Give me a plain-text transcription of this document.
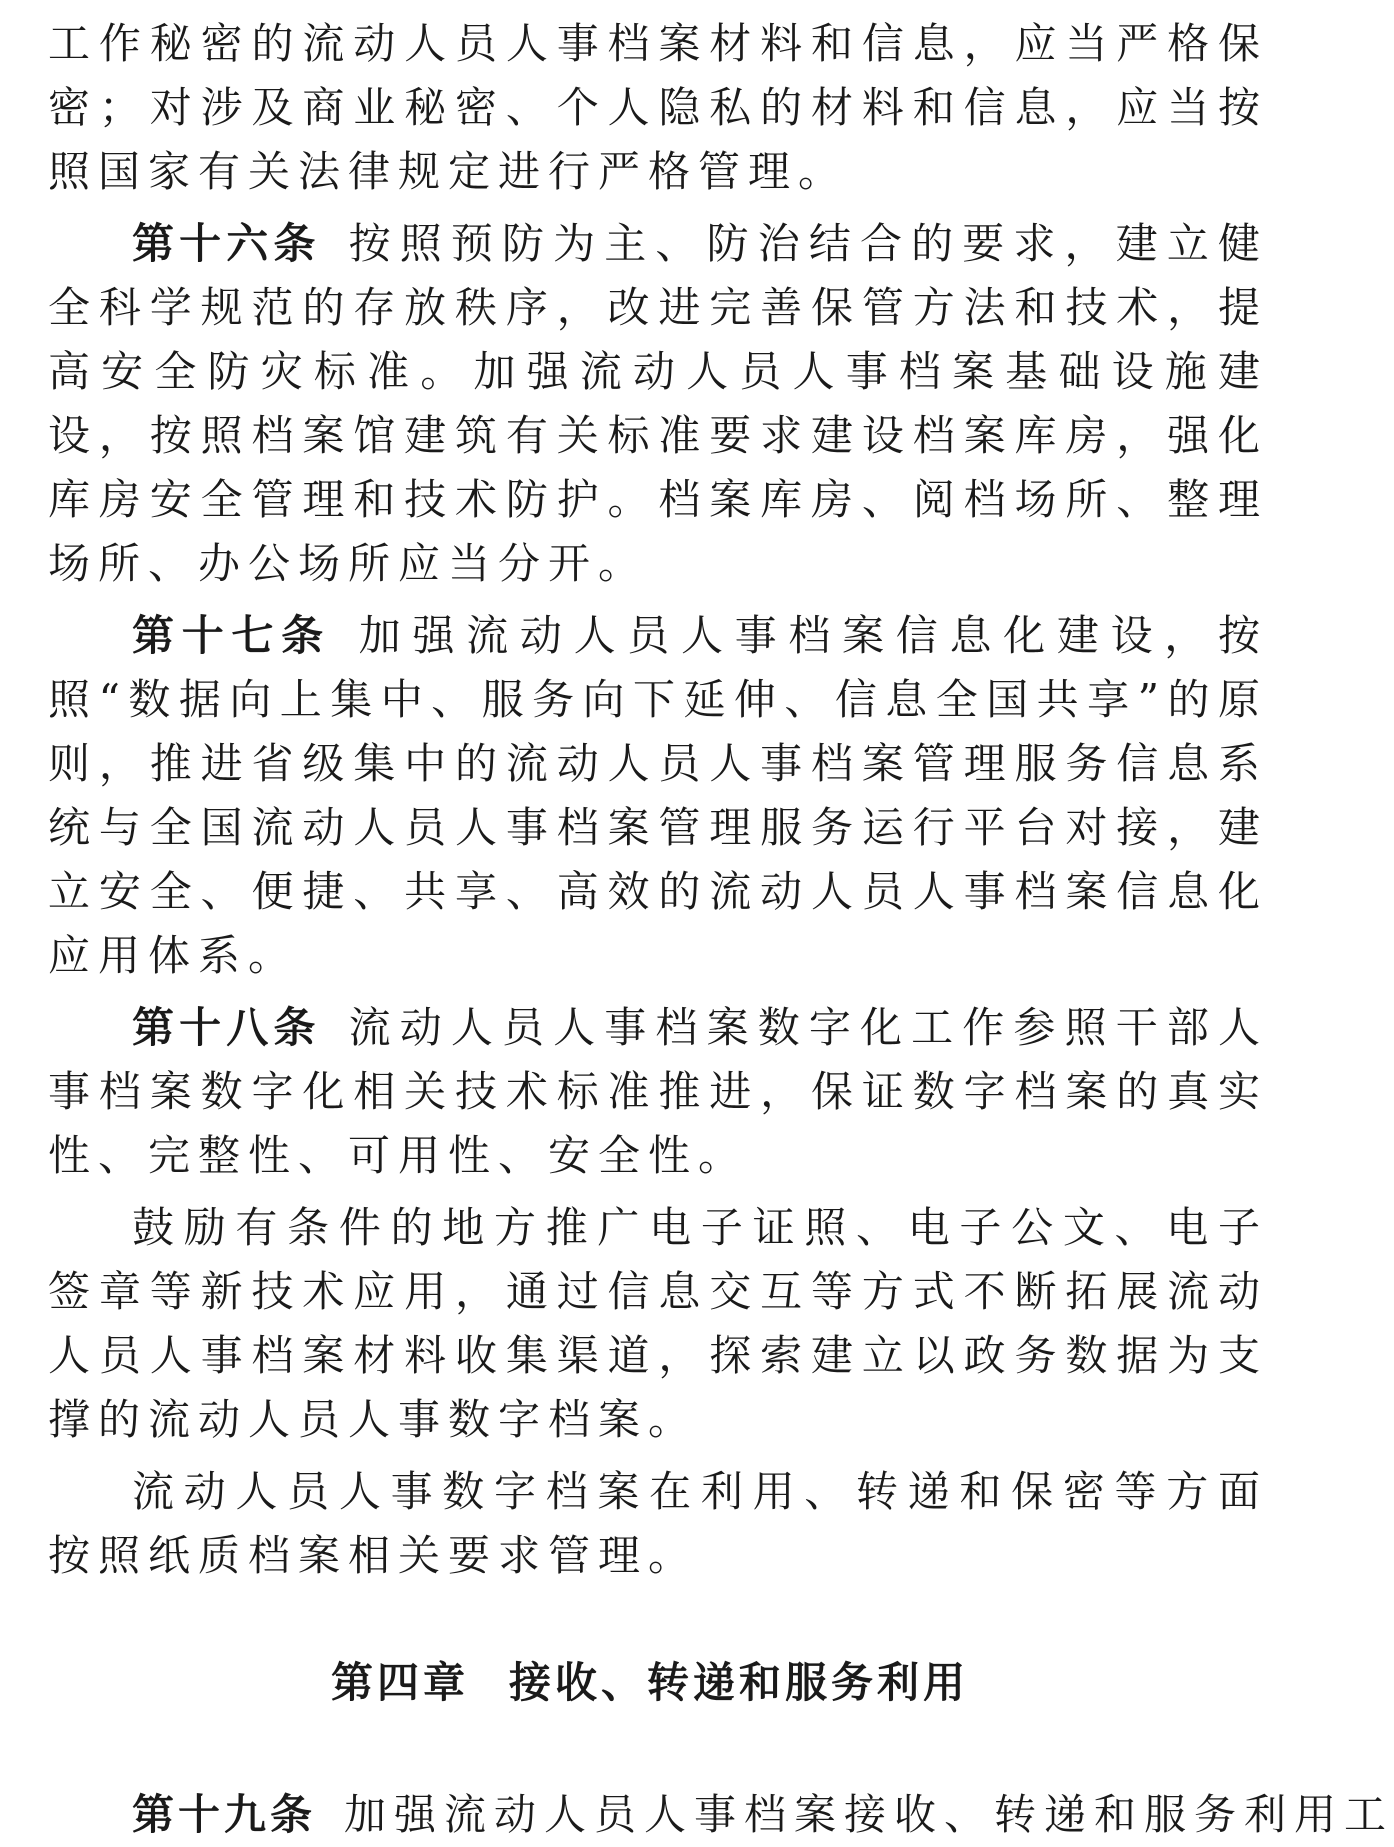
工作秘密的流动人员人事档案材料和信息，应当严格保密；对涉及商业秘密、个人隐私的材料和信息，应当按照国家有关法律规定进行严格管理。

第十六条 按照预防为主、防治结合的要求，建立健全科学规范的存放秩序，改进完善保管方法和技术，提高安全防灾标准。加强流动人员人事档案基础设施建设，按照档案馆建筑有关标准要求建设档案库房，强化库房安全管理和技术防护。档案库房、阅档场所、整理场所、办公场所应当分开。

第十七条 加强流动人员人事档案信息化建设，按照“数据向上集中、服务向下延伸、信息全国共享”的原则，推进省级集中的流动人员人事档案管理服务信息系统与全国流动人员人事档案管理服务运行平台对接，建立安全、便捷、共享、高效的流动人员人事档案信息化应用体系。

第十八条 流动人员人事档案数字化工作参照干部人事档案数字化相关技术标准推进，保证数字档案的真实性、完整性、可用性、安全性。

鼓励有条件的地方推广电子证照、电子公文、电子签章等新技术应用，通过信息交互等方式不断拓展流动人员人事档案材料收集渠道，探索建立以政务数据为支撑的流动人员人事数字档案。

流动人员人事数字档案在利用、转递和保密等方面按照纸质档案相关要求管理。

第四章 接收、转递和服务利用
第十九条 加强流动人员人事档案接收、转递和服务利用工
